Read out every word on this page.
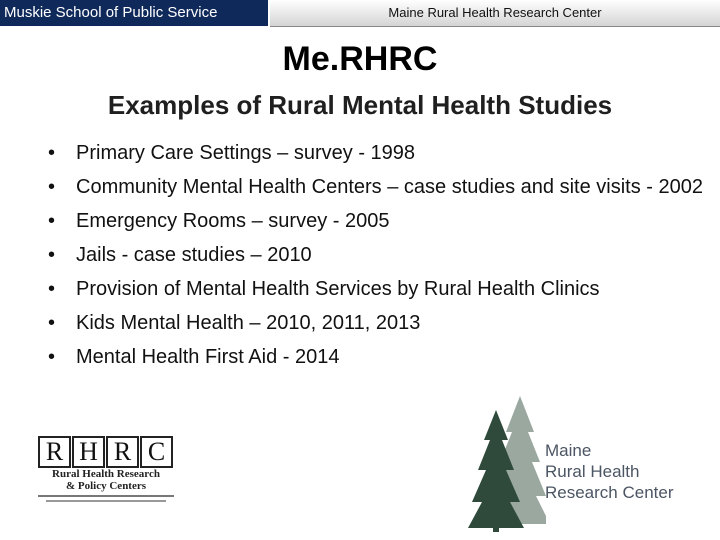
Muskie School of Public Service	Maine Rural Health Research Center
Me.RHRC
Examples of Rural Mental Health Studies
• Primary Care Settings – survey - 1998
• Community Mental Health Centers – case studies and site visits - 2002
• Emergency Rooms – survey - 2005
• Jails - case studies – 2010
• Provision of Mental Health Services by Rural Health Clinics
• Kids Mental Health – 2010, 2011, 2013
• Mental Health First Aid - 2014
R H R C
Rural Health Research
& Policy Centers
Maine
Rural Health
Research Center
